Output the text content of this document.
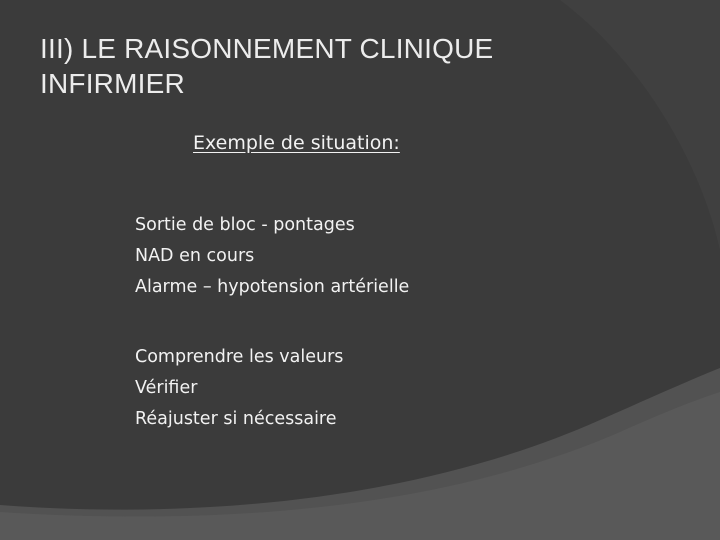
III) LE RAISONNEMENT CLINIQUE
INFIRMIER
Exemple de situation:
Sortie de bloc - pontages
NAD en cours
Alarme – hypotension artérielle
Comprendre les valeurs
Vérifier
Réajuster si nécessaire
